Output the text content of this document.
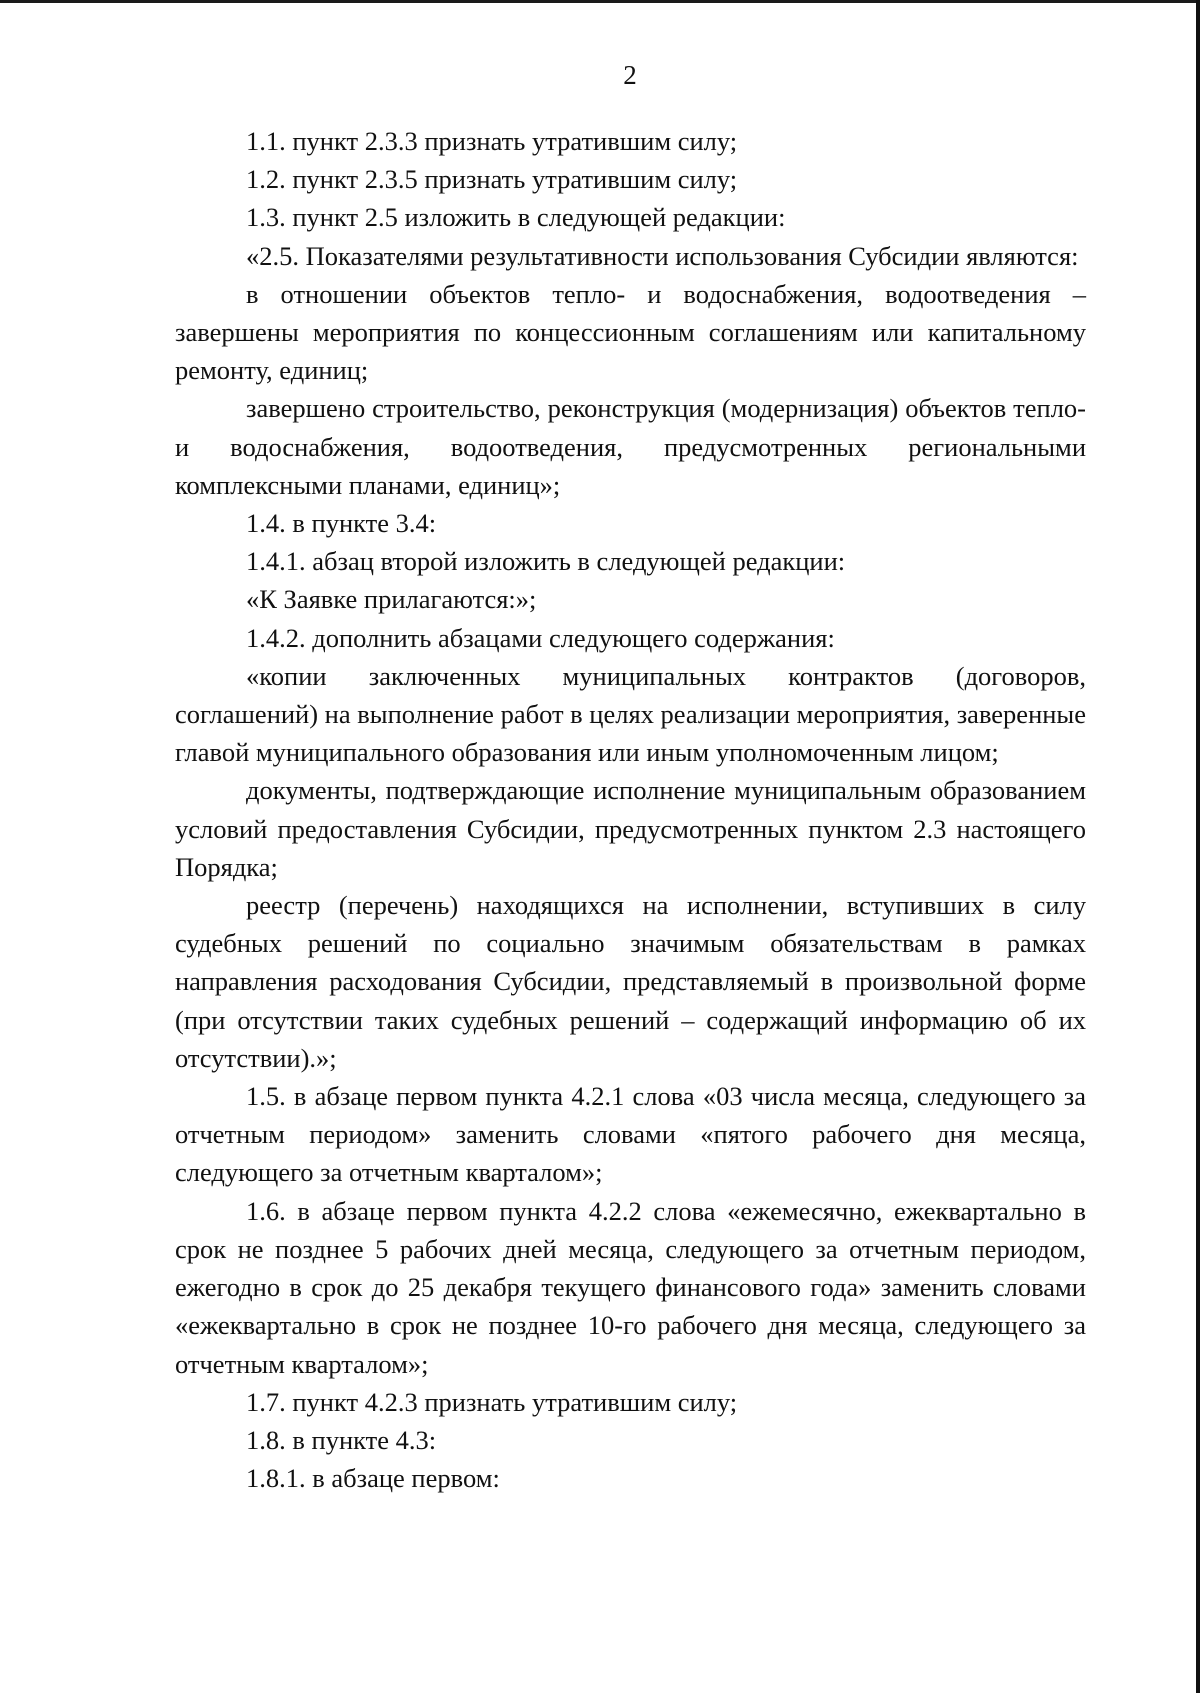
2

1.1. пункт 2.3.3 признать утратившим силу;

1.2. пункт 2.3.5 признать утратившим силу;

1.3. пункт 2.5 изложить в следующей редакции:

«2.5. Показателями результативности использования Субсидии являются:

в отношении объектов тепло- и водоснабжения, водоотведения – завершены мероприятия по концессионным соглашениям или капитальному ремонту, единиц;

завершено строительство, реконструкция (модернизация) объектов тепло- и водоснабжения, водоотведения, предусмотренных региональными комплексными планами, единиц»;

1.4. в пункте 3.4:

1.4.1. абзац второй изложить в следующей редакции:

«К Заявке прилагаются:»;

1.4.2. дополнить абзацами следующего содержания:

«копии заключенных муниципальных контрактов (договоров, соглашений) на выполнение работ в целях реализации мероприятия, заверенные главой муниципального образования или иным уполномоченным лицом;

документы, подтверждающие исполнение муниципальным образованием условий предоставления Субсидии, предусмотренных пунктом 2.3 настоящего Порядка;

реестр (перечень) находящихся на исполнении, вступивших в силу судебных решений по социально значимым обязательствам в рамках направления расходования Субсидии, представляемый в произвольной форме (при отсутствии таких судебных решений – содержащий информацию об их отсутствии).»;

1.5. в абзаце первом пункта 4.2.1 слова «03 числа месяца, следующего за отчетным периодом» заменить словами «пятого рабочего дня месяца, следующего за отчетным кварталом»;

1.6. в абзаце первом пункта 4.2.2 слова «ежемесячно, ежеквартально в срок не позднее 5 рабочих дней месяца, следующего за отчетным периодом, ежегодно в срок до 25 декабря текущего финансового года» заменить словами «ежеквартально в срок не позднее 10-го рабочего дня месяца, следующего за отчетным кварталом»;

1.7. пункт 4.2.3 признать утратившим силу;

1.8. в пункте 4.3:

1.8.1. в абзаце первом:
